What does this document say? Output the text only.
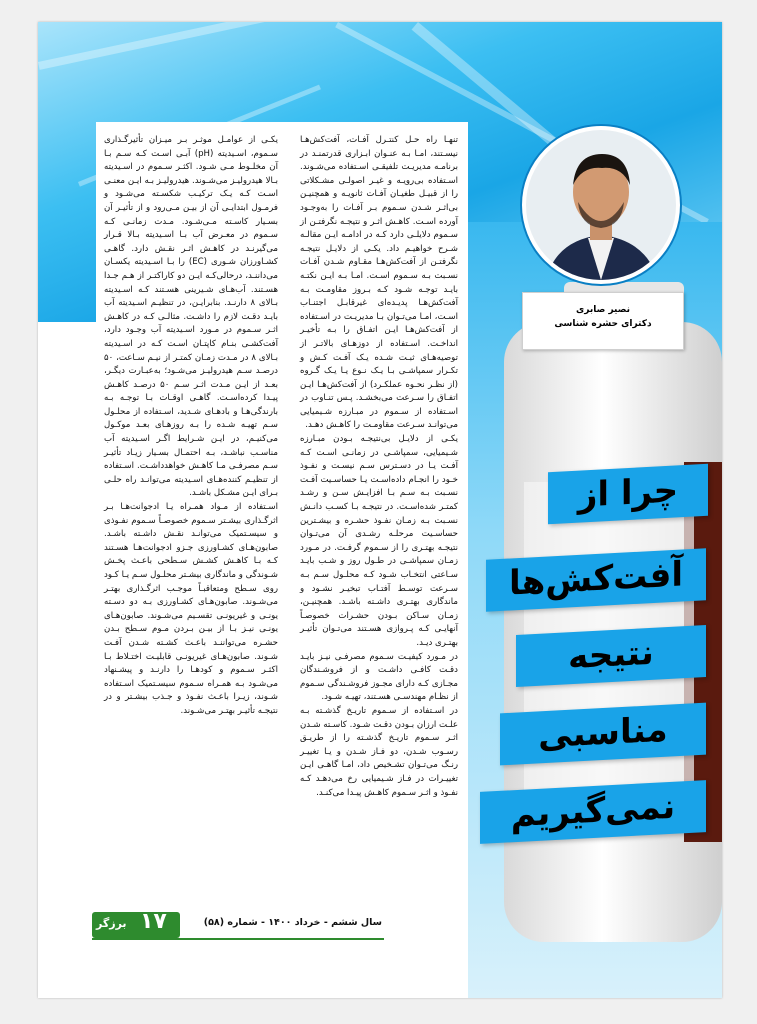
تنهـا راه حـل کنتـرل آفـات، آفت‌کش‌هـا نیسـتند، امـا بـه عنـوان ابـزاری قدرتمنـد در برنامـه مدیریـت تلفیقـی اسـتفاده می‌شـوند. اسـتفاده بی‌رویـه و غیـر اصولـی مشـکلاتی را از قبیـل طغیـان آفـات ثانویـه و همچنیـن بی‌اثـر شـدن سـموم بـر آفـات را به‌وجـود آورده اسـت. کاهـش اثـر و نتیجـه نگرفتـن از سـموم دلایلـی دارد کـه در ادامـه ایـن مقالـه شـرح خواهیـم داد. یکـی از دلایـل نتیجـه نگرفتـن از آفت‌کش‌هـا مقـاوم شـدن آفـات نسـبت بـه سـموم اسـت. امـا بـه ایـن نکتـه بایـد توجـه شـود کـه بـروز مقاومـت بـه آفت‌کش‌هـا پدیـده‌ای غیرقابـل اجتنـاب اسـت، امـا می‌تـوان بـا مدیریـت در اسـتفاده از آفت‌کش‌هـا ایـن اتفـاق را بـه تأخیـر انداخـت. اسـتفاده از دوزهـای بالاتـر از توصیه‌هـای ثبـت شـده یـک آفـت کـش و تکـرار سمپاشـی بـا یـک نـوع یـا یـک گـروه (از نظـر نحـوه عملکـرد) از آفت‌کش‌هـا ایـن اتفـاق را سـرعت می‌بخشـد. پـس تنـاوب در اسـتفاده از سـموم در مبـارزه شـیمیایی می‌توانـد سـرعت مقاومـت را کاهـش دهـد.
یکـی از دلایـل بی‌نتیجـه بـودن مبـارزه شـیمیایی، سمپاشـی در زمانـی اسـت کـه آفـت یـا در دسـترس سـم نیسـت و نفـوذ خـود را انجـام داده‌اسـت یـا حساسـیت آفـت نسـبت بـه سـم بـا افزایـش سـن و رشـد کمتـر شده‌اسـت. در نتیجـه بـا کسـب دانـش نسـبت بـه زمـان نفـوذ حشـره و بیشـترین حساسـیت مرحلـه رشـدی آن می‌تـوان نتیجـه بهتـری را از سـموم گرفـت. در مـورد زمـان سمپاشـی در طـول روز و شـب بایـد سـاعتی انتخـاب شـود کـه محلـول سـم بـه سـرعت توسـط آفتـاب تبخیـر نشـود و ماندگاری بهتـری داشـته باشـد. همچنیـن، زمـان سـاکن بـودن حشـرات خصوصـاً آنهایـی کـه پـروازی هسـتند می‌تـوان تأثیـر بهتـری دیـد.
در مـورد کیفیـت سـموم مصرفـی نیـز بایـد دقـت کافـی داشـت و از فروشـندگان مجـازی کـه دارای مجـوز فروشـندگی سـموم از نظـام مهندسـی هسـتند، تهیـه شـود.
در اسـتفاده از سـموم تاریـخ گذشـته بـه علـت ارزان بـودن دقـت شـود. کاسـته شـدن اثـر سـموم تاریـخ گذشـته را از طریـق رسـوب شـدن، دو فـاز شـدن و یـا تغییـر رنـگ می‌تـوان تشـخیص داد، امـا گاهـی ایـن تغییـرات در فـاز شـیمیایی رخ می‌دهـد کـه نفـوذ و اثـر سـموم کاهـش پیـدا می‌کنـد.
یکـی از عوامـل موثـر بـر میـزان تأثیرگـذاری سـموم، اسـیدیته (pH) آبـی اسـت کـه سـم بـا آن مخلـوط مـی شـود. اکثـر سـموم در اسـیدیته بـالا هیدرولیـز می‌شـوند. هیدرولیـز بـه ایـن معنـی اسـت کـه یـک ترکیـب شکسـته می‌شـود و فرمـول ابتدایـی آن از بیـن مـی‌رود و از تأثیـر آن بسـیار کاسـته مـی‌شـود. مـدت زمانـی کـه سـموم در معـرض آب بـا اسـیدیته بـالا قـرار می‌گیرنـد در کاهـش اثـر نقـش دارد. گاهـی کشـاورزان شـوری (EC) را بـا اسـیدیته یکسـان می‌داننـد، درحالی‌کـه ایـن دو کاراکتـر از هـم جـدا هسـتند. آب‌هـای شـیرینی هسـتند کـه اسـیدیته بـالای ۸ دارنـد. بنابرایـن، در تنظیـم اسـیدیته آب بایـد دقـت لازم را داشـت. مثالـی کـه در کاهـش اثـر سـموم در مـورد اسـیدیته آب وجـود دارد، آفت‌کشـی بنـام کاپتـان اسـت کـه در اسـیدیته بـالای ۸ در مـدت زمـان کمتـر از نیـم سـاعت، ۵۰ درصـد سـم هیدرولیـز می‌شـود؛ به‌عبـارت دیگـر، بعـد از ایـن مـدت اثـر سـم ۵۰ درصـد کاهـش پیـدا کرده‌اسـت. گاهـی اوقـات بـا توجـه بـه بارندگی‌هـا و بادهـای شـدید، اسـتفاده از محلـول سـم تهیـه شـده را بـه روزهـای بعـد موکـول می‌کنیـم، در ایـن شـرایط اگـر اسـیدیته آب مناسـب نباشـد، بـه احتمـال بسـیار زیـاد تأثیـر سـم مصرفـی مـا کاهـش خواهدداشـت. اسـتفاده از تنظیـم کننده‌هـای اسـیدیته می‌توانـد راه حلـی بـرای ایـن مشـکل باشـد.
اسـتفاده از مـواد همـراه یـا ادجوانت‌هـا بـر اثرگـذاری بیشـتر سـموم خصوصـاً سـموم نفـوذی و سیسـتمیک می‌توانـد نقـش داشـته باشـد. صابون‌هـای کشـاورزی جـزو ادجوانت‌هـا هسـتند کـه بـا کاهـش کشـش سـطحی باعـث پخـش شـوندگی و ماندگاری بیشـتر محلـول سـم یـا کـود روی سـطح ومتعاقبـاً موجـب اثرگـذاری بهتـر می‌شـوند. صابون‌هـای کشـاورزی بـه دو دسـته یونـی و غیریونـی تقسـیم می‌شـوند. صابون‌هـای یونـی نیـز بـا از بیـن بـردن مـوم سـطح بـدن حشـره می‌تواننـد باعـث کشـته شـدن آفـت شـوند. صابون‌هـای غیریونـی قابلیـت اختـلاط بـا اکثـر سـموم و کودهـا را دارنـد و پیشـنهاد می‌شـود بـه همـراه سـموم سیسـتمیک اسـتفاده شـوند، زیـرا باعـث نفـوذ و جـذب بیشـتر و در نتیجـه تأثیـر بهتـر می‌شـوند.
نصیر صابری
دکترای حشره شناسی
چرا از
آفت‌کش‌ها
نتیجه
مناسبی
نمی‌گیریم
برزگر ۱۷	سال ششم - خرداد ۱۴۰۰ - شماره (۵۸)
